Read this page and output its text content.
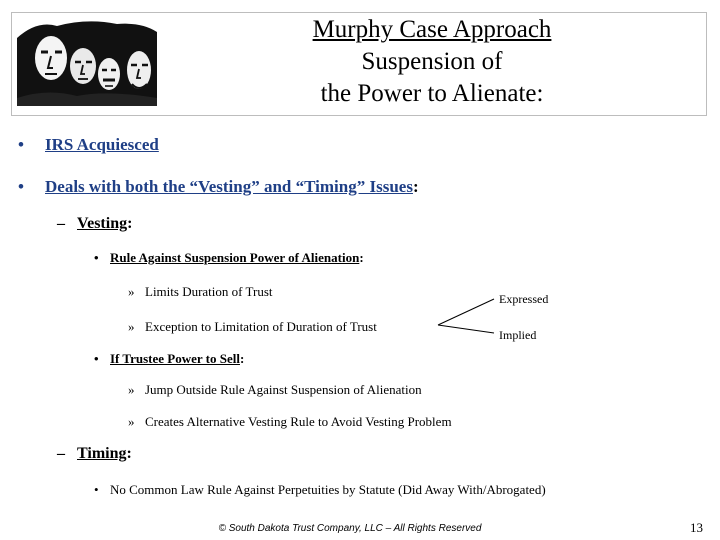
Murphy Case Approach
Suspension of
the Power to Alienate:
• IRS Acquiesced
• Deals with both the “Vesting” and “Timing” Issues:
– Vesting:
• Rule Against Suspension Power of Alienation:
» Limits Duration of Trust
» Exception to Limitation of Duration of Trust
Expressed
Implied
• If Trustee Power to Sell:
» Jump Outside Rule Against Suspension of Alienation
» Creates Alternative Vesting Rule to Avoid Vesting Problem
– Timing:
• No Common Law Rule Against Perpetuities by Statute (Did Away With/Abrogated)
© South Dakota Trust Company, LLC – All Rights Reserved	13
